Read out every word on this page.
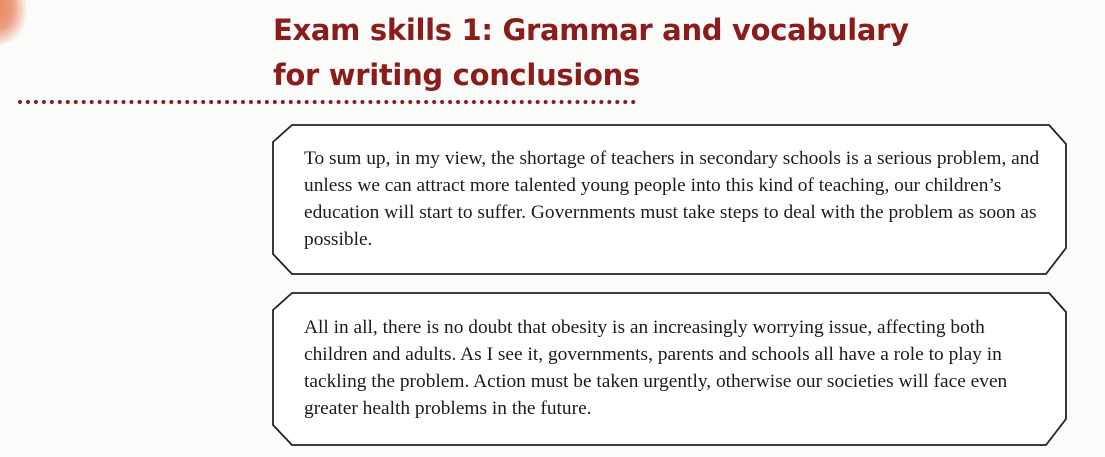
Exam skills 1: Grammar and vocabulary
for writing conclusions

To sum up, in my view, the shortage of teachers in secondary schools is a serious problem, and unless we can attract more talented young people into this kind of teaching, our children’s education will start to suffer. Governments must take steps to deal with the problem as soon as possible.

All in all, there is no doubt that obesity is an increasingly worrying issue, affecting both children and adults. As I see it, governments, parents and schools all have a role to play in tackling the problem. Action must be taken urgently, otherwise our societies will face even greater health problems in the future.
